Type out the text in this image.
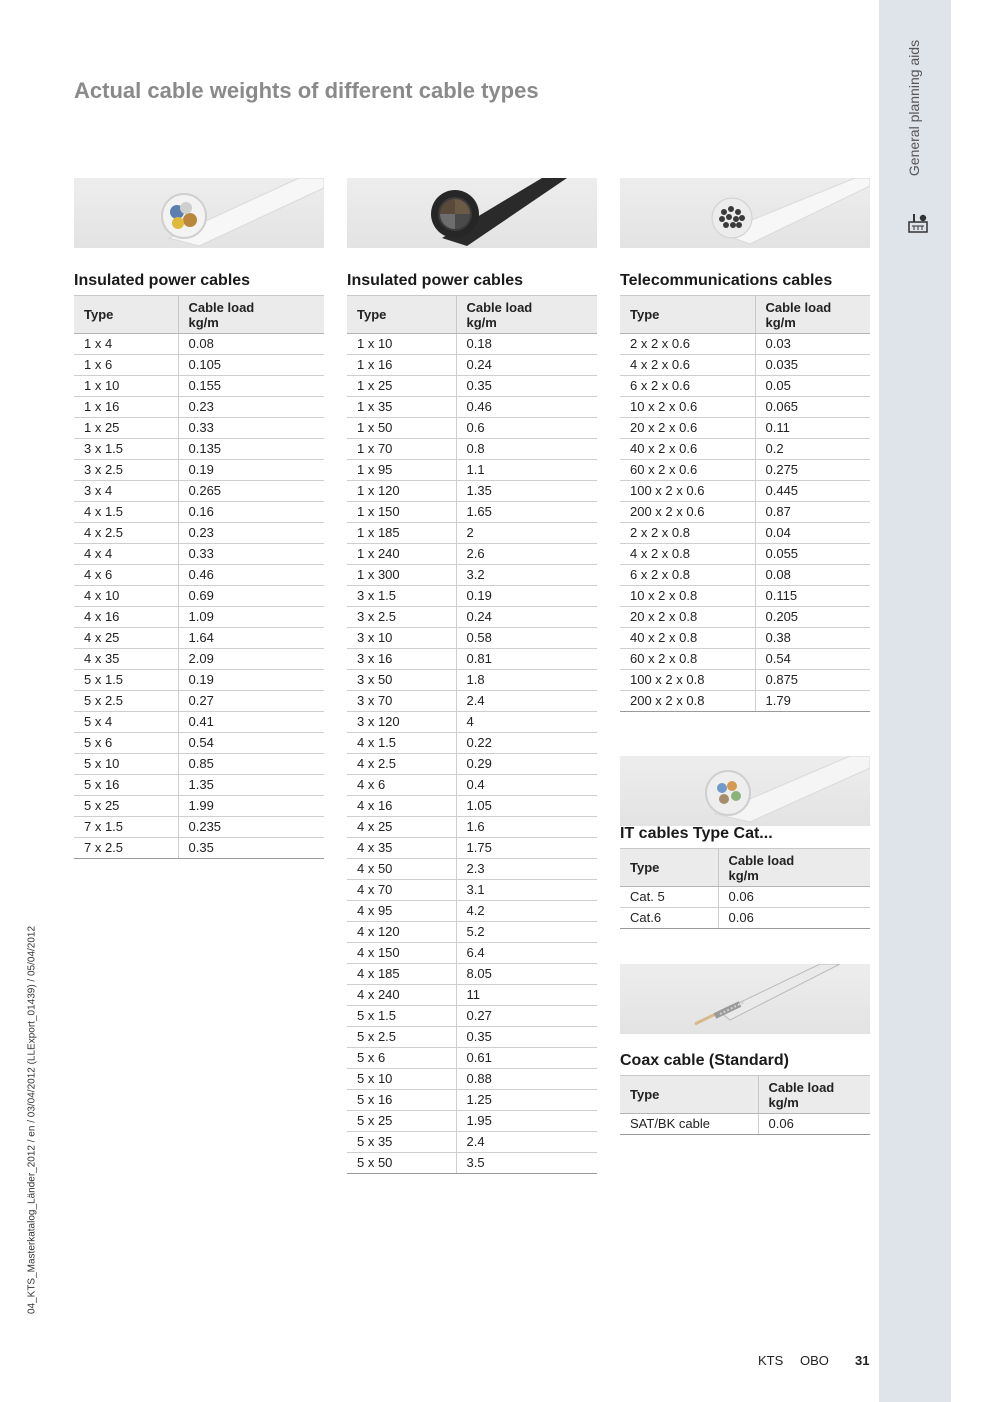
General planning aids
Actual cable weights of different cable types
Insulated power cables	Insulated power cables	Telecommunications cables
IT cables Type Cat...
Coax cable (Standard)
Type	Cable load
kg/m
1 x 4	0.08
1 x 6	0.105
1 x 10	0.155
1 x 16	0.23
1 x 25	0.33
3 x 1.5	0.135
3 x 2.5	0.19
3 x 4	0.265
4 x 1.5	0.16
4 x 2.5	0.23
4 x 4	0.33
4 x 6	0.46
4 x 10	0.69
4 x 16	1.09
4 x 25	1.64
4 x 35	2.09
5 x 1.5	0.19
5 x 2.5	0.27
5 x 4	0.41
5 x 6	0.54
5 x 10	0.85
5 x 16	1.35
5 x 25	1.99
7 x 1.5	0.235
7 x 2.5	0.35
Type	Cable load
kg/m
1 x 10	0.18
1 x 16	0.24
1 x 25	0.35
1 x 35	0.46
1 x 50	0.6
1 x 70	0.8
1 x 95	1.1
1 x 120	1.35
1 x 150	1.65
1 x 185	2
1 x 240	2.6
1 x 300	3.2
3 x 1.5	0.19
3 x 2.5	0.24
3 x 10	0.58
3 x 16	0.81
3 x 50	1.8
3 x 70	2.4
3 x 120	4
4 x 1.5	0.22
4 x 2.5	0.29
4 x 6	0.4
4 x 16	1.05
4 x 25	1.6
4 x 35	1.75
4 x 50	2.3
4 x 70	3.1
4 x 95	4.2
4 x 120	5.2
4 x 150	6.4
4 x 185	8.05
4 x 240	11
5 x 1.5	0.27
5 x 2.5	0.35
5 x 6	0.61
5 x 10	0.88
5 x 16	1.25
5 x 25	1.95
5 x 35	2.4
5 x 50	3.5
Type	Cable load
kg/m
2 x 2 x 0.6	0.03
4 x 2 x 0.6	0.035
6 x 2 x 0.6	0.05
10 x 2 x 0.6	0.065
20 x 2 x 0.6	0.11
40 x 2 x 0.6	0.2
60 x 2 x 0.6	0.275
100 x 2 x 0.6	0.445
200 x 2 x 0.6	0.87
2 x 2 x 0.8	0.04
4 x 2 x 0.8	0.055
6 x 2 x 0.8	0.08
10 x 2 x 0.8	0.115
20 x 2 x 0.8	0.205
40 x 2 x 0.8	0.38
60 x 2 x 0.8	0.54
100 x 2 x 0.8	0.875
200 x 2 x 0.8	1.79
Type	Cable load
kg/m
Cat. 5	0.06
Cat.6	0.06
Type	Cable load
kg/m
SAT/BK cable	0.06
04_KTS_Masterkatalog_Länder_2012 / en / 03/04/2012 (LLExport_01439) / 05/04/2012
KTS OBO 31
